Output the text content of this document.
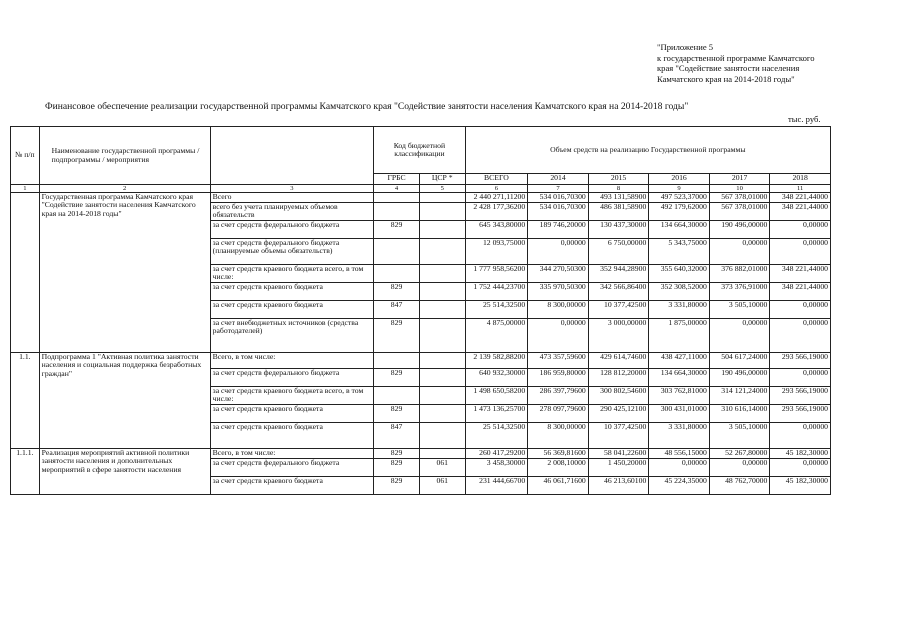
"Приложение 5
к государственной программе Камчатского
края "Содействие занятости населения
Камчатского края на 2014-2018 годы"
Финансовое обеспечение реализации государственной программы Камчатского края "Содействие занятости населения Камчатского края на 2014-2018 годы"
тыс. руб.
№ п/п	Наименование государственной программы / подпрограммы / мероприятия		Код бюджетной классификации		Объем средств на реализацию Государственной программы					
			ГРБС	ЦСР *	ВСЕГО	2014	2015	2016	2017	2018
1	2	3	4	5	6	7	8	9	10	11
	Государственная программа Камчатского края "Содействие занятости населения Камчатского края на 2014-2018 годы"	Всего			2 440 271,11200	534 016,70300	493 131,58900	497 523,37000	567 378,01000	348 221,44000
		всего без учета планируемых объемов обязательств			2 428 177,36200	534 016,70300	486 381,58900	492 179,62000	567 378,01000	348 221,44000
		за счет средств федерального бюджета	829		645 343,80000	189 746,20000	130 437,30000	134 664,30000	190 496,00000	0,00000
		за счет средств федерального бюджета (планируемые объемы обязательств)			12 093,75000	0,00000	6 750,00000	5 343,75000	0,00000	0,00000
		за счет средств краевого бюджета всего, в том числе:			1 777 958,56200	344 270,50300	352 944,28900	355 640,32000	376 882,01000	348 221,44000
		за счет средств краевого бюджета	829		1 752 444,23700	335 970,50300	342 566,86400	352 308,52000	373 376,91000	348 221,44000
		за счет средств краевого бюджета	847		25 514,32500	8 300,00000	10 377,42500	3 331,80000	3 505,10000	0,00000
		за счет внебюджетных источников (средства работодателей)	829		4 875,00000	0,00000	3 000,00000	1 875,00000	0,00000	0,00000
1.1.	Подпрограмма 1 "Активная политика занятости населения и социальная поддержка безработных граждан"	Всего, в том числе:			2 139 582,88200	473 357,59600	429 614,74600	438 427,11000	504 617,24000	293 566,19000
		за счет средств федерального бюджета	829		640 932,30000	186 959,80000	128 812,20000	134 664,30000	190 496,00000	0,00000
		за счет средств краевого бюджета всего, в том числе:			1 498 650,58200	286 397,79600	300 802,54600	303 762,81000	314 121,24000	293 566,19000
		за счет средств краевого бюджета	829		1 473 136,25700	278 097,79600	290 425,12100	300 431,01000	310 616,14000	293 566,19000
		за счет средств краевого бюджета	847		25 514,32500	8 300,00000	10 377,42500	3 331,80000	3 505,10000	0,00000
1.1.1.	Реализация мероприятий активной политики занятости населения и дополнительных мероприятий в сфере занятости населения	Всего, в том числе:	829		260 417,29200	56 369,81600	58 041,22600	48 556,15000	52 267,80000	45 182,30000
		за счет средств федерального бюджета	829	061	3 458,30000	2 008,10000	1 450,20000	0,00000	0,00000	0,00000
		за счет средств краевого бюджета	829	061	231 444,66700	46 061,71600	46 213,60100	45 224,35000	48 762,70000	45 182,30000
